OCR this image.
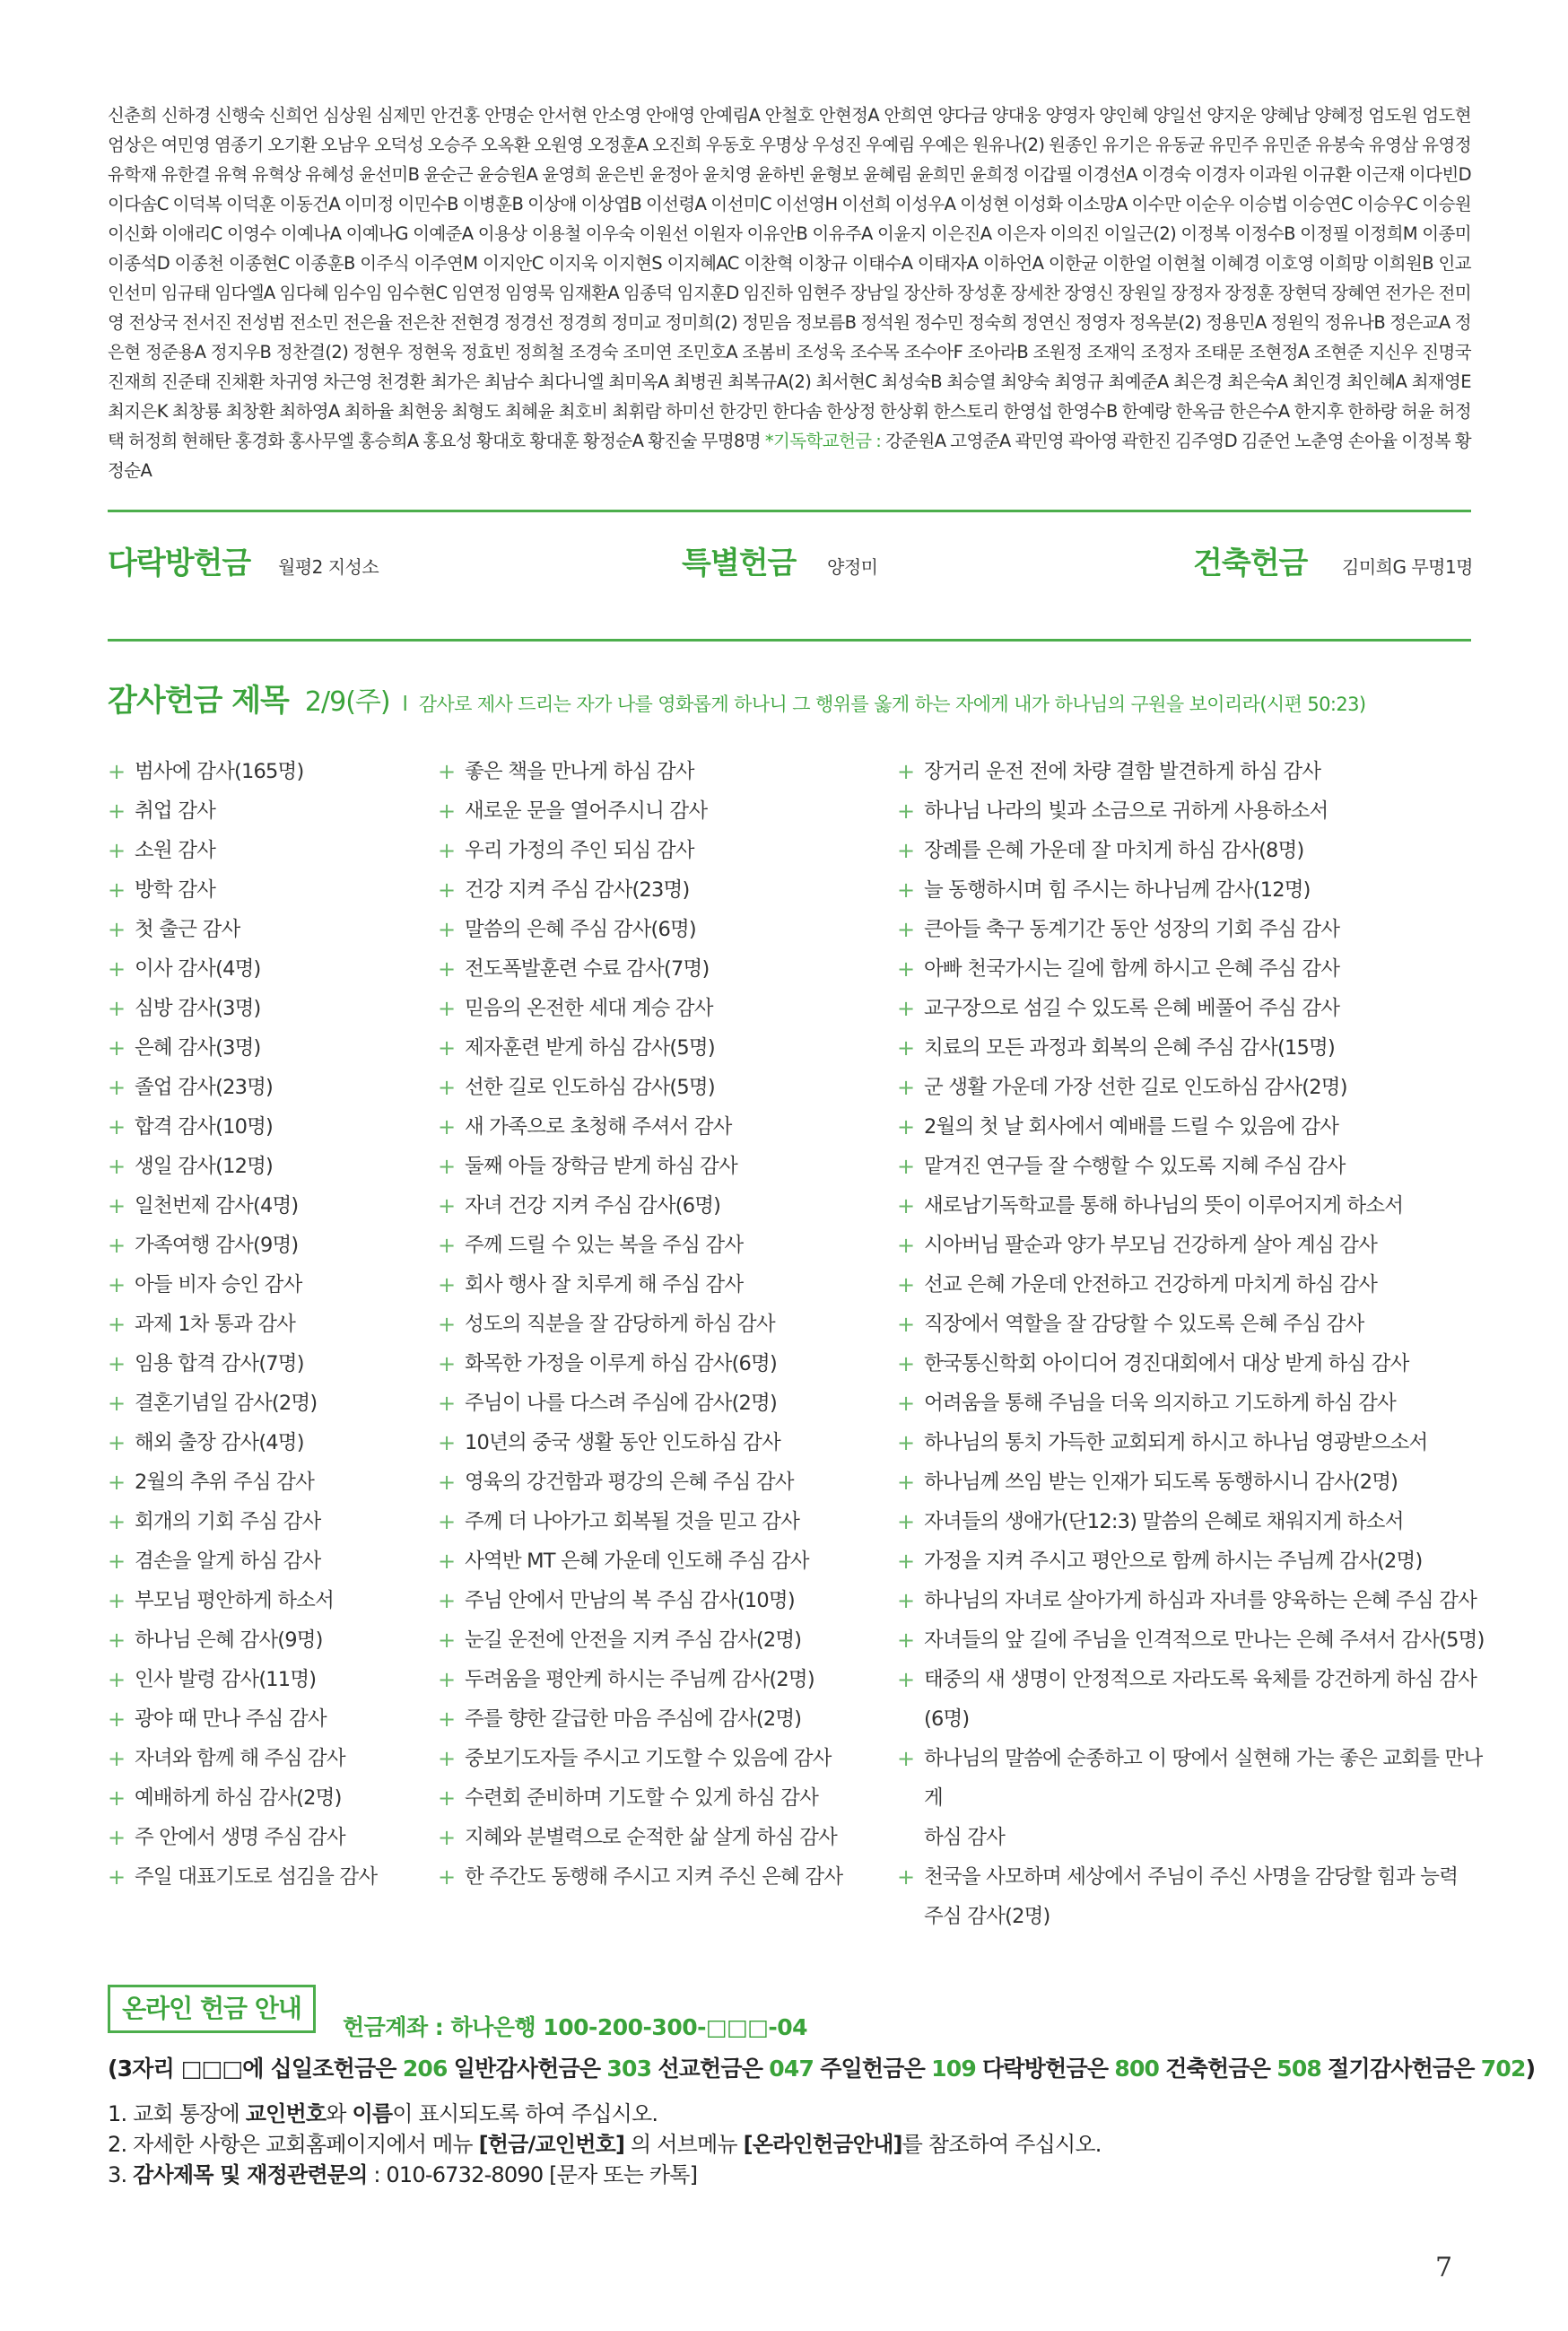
신춘희 신하경 신행숙 신희언 심상원 심제민 안건홍 안명순 안서현 안소영 안애영 안예림A 안철호 안현정A 안희연 양다금 양대웅 양영자 양인혜 양일선 양지운 양혜남 양혜정 엄도원 엄도현 엄상은 여민영 염종기 오기환 오남우 오덕성 오승주 오옥환 오원영 오정훈A 오진희 우동호 우명상 우성진 우예림 우예은 원유나(2) 원종인 유기은 유동균 유민주 유민준 유봉숙 유영삼 유영정 유학재 유한결 유혁 유혁상 유혜성 윤선미B 윤순근 윤승원A 윤영희 윤은빈 윤정아 윤치영 윤하빈 윤형보 윤혜림 윤희민 윤희정 이갑필 이경선A 이경숙 이경자 이과원 이규환 이근재 이다빈D 이다솜C 이덕복 이덕훈 이동건A 이미정 이민수B 이병훈B 이상애 이상엽B 이선령A 이선미C 이선영H 이선희 이성우A 이성현 이성화 이소망A 이수만 이순우 이승법 이승연C 이승우C 이승원 이신화 이애리C 이영수 이예나A 이예나G 이예준A 이용상 이용철 이우숙 이원선 이원자 이유안B 이유주A 이윤지 이은진A 이은자 이의진 이일근(2) 이정복 이정수B 이정필 이정희M 이종미 이종석D 이종천 이종현C 이종훈B 이주식 이주연M 이지안C 이지욱 이지현S 이지혜AC 이찬혁 이창규 이태수A 이태자A 이하언A 이한균 이한얼 이현철 이혜경 이호영 이희망 이희원B 인교 인선미 임규태 임다엘A 임다혜 임수임 임수현C 임연정 임영묵 임재환A 임종덕 임지훈D 임진하 임현주 장남일 장산하 장성훈 장세찬 장영신 장원일 장정자 장정훈 장현덕 장혜연 전가은 전미영 전상국 전서진 전성범 전소민 전은율 전은찬 전현경 정경선 정경희 정미교 정미희(2) 정믿음 정보름B 정석원 정수민 정숙희 정연신 정영자 정옥분(2) 정용민A 정원익 정유나B 정은교A 정은현 정준용A 정지우B 정찬결(2) 정현우 정현욱 정효빈 정희철 조경숙 조미연 조민호A 조봄비 조성욱 조수목 조수아F 조아라B 조원정 조재익 조정자 조태문 조현정A 조현준 지신우 진명국 진재희 진준태 진채환 차귀영 차근영 천경환 최가은 최남수 최다니엘 최미옥A 최병권 최복규A(2) 최서현C 최성숙B 최승열 최양숙 최영규 최예준A 최은경 최은숙A 최인경 최인혜A 최재영E 최지은K 최창룡 최창환 최하영A 최하율 최현웅 최형도 최혜윤 최호비 최휘람 하미선 한강민 한다솜 한상정 한상휘 한스토리 한영섭 한영수B 한예랑 한옥금 한은수A 한지후 한하랑 허윤 허정택 허정희 현해탄 홍경화 홍사무엘 홍승희A 홍요성 황대호 황대훈 황정순A 황진술 무명8명 *기독학교헌금 : 강준원A 고영준A 곽민영 곽아영 곽한진 김주영D 김준언 노춘영 손아율 이정복 황정순A
다락방헌금 월평2 지성소	특별헌금 양정미	건축헌금 김미희G 무명1명
감사헌금 제목 2/9(주) l 감사로 제사 드리는 자가 나를 영화롭게 하나니 그 행위를 옳게 하는 자에게 내가 하나님의 구원을 보이리라(시편 50:23)
+ 범사에 감사(165명)
+ 취업 감사
+ 소원 감사
+ 방학 감사
+ 첫 출근 감사
+ 이사 감사(4명)
+ 심방 감사(3명)
+ 은혜 감사(3명)
+ 졸업 감사(23명)
+ 합격 감사(10명)
+ 생일 감사(12명)
+ 일천번제 감사(4명)
+ 가족여행 감사(9명)
+ 아들 비자 승인 감사
+ 과제 1차 통과 감사
+ 임용 합격 감사(7명)
+ 결혼기념일 감사(2명)
+ 해외 출장 감사(4명)
+ 2월의 추위 주심 감사
+ 회개의 기회 주심 감사
+ 겸손을 알게 하심 감사
+ 부모님 평안하게 하소서
+ 하나님 은혜 감사(9명)
+ 인사 발령 감사(11명)
+ 광야 때 만나 주심 감사
+ 자녀와 함께 해 주심 감사
+ 예배하게 하심 감사(2명)
+ 주 안에서 생명 주심 감사
+ 주일 대표기도로 섬김을 감사
+ 좋은 책을 만나게 하심 감사
+ 새로운 문을 열어주시니 감사
+ 우리 가정의 주인 되심 감사
+ 건강 지켜 주심 감사(23명)
+ 말씀의 은혜 주심 감사(6명)
+ 전도폭발훈련 수료 감사(7명)
+ 믿음의 온전한 세대 계승 감사
+ 제자훈련 받게 하심 감사(5명)
+ 선한 길로 인도하심 감사(5명)
+ 새 가족으로 초청해 주셔서 감사
+ 둘째 아들 장학금 받게 하심 감사
+ 자녀 건강 지켜 주심 감사(6명)
+ 주께 드릴 수 있는 복을 주심 감사
+ 회사 행사 잘 치루게 해 주심 감사
+ 성도의 직분을 잘 감당하게 하심 감사
+ 화목한 가정을 이루게 하심 감사(6명)
+ 주님이 나를 다스려 주심에 감사(2명)
+ 10년의 중국 생활 동안 인도하심 감사
+ 영육의 강건함과 평강의 은혜 주심 감사
+ 주께 더 나아가고 회복될 것을 믿고 감사
+ 사역반 MT 은혜 가운데 인도해 주심 감사
+ 주님 안에서 만남의 복 주심 감사(10명)
+ 눈길 운전에 안전을 지켜 주심 감사(2명)
+ 두려움을 평안케 하시는 주님께 감사(2명)
+ 주를 향한 갈급한 마음 주심에 감사(2명)
+ 중보기도자들 주시고 기도할 수 있음에 감사
+ 수련회 준비하며 기도할 수 있게 하심 감사
+ 지혜와 분별력으로 순적한 삶 살게 하심 감사
+ 한 주간도 동행해 주시고 지켜 주신 은혜 감사
+ 장거리 운전 전에 차량 결함 발견하게 하심 감사
+ 하나님 나라의 빛과 소금으로 귀하게 사용하소서
+ 장례를 은혜 가운데 잘 마치게 하심 감사(8명)
+ 늘 동행하시며 힘 주시는 하나님께 감사(12명)
+ 큰아들 축구 동계기간 동안 성장의 기회 주심 감사
+ 아빠 천국가시는 길에 함께 하시고 은혜 주심 감사
+ 교구장으로 섬길 수 있도록 은혜 베풀어 주심 감사
+ 치료의 모든 과정과 회복의 은혜 주심 감사(15명)
+ 군 생활 가운데 가장 선한 길로 인도하심 감사(2명)
+ 2월의 첫 날 회사에서 예배를 드릴 수 있음에 감사
+ 맡겨진 연구들 잘 수행할 수 있도록 지혜 주심 감사
+ 새로남기독학교를 통해 하나님의 뜻이 이루어지게 하소서
+ 시아버님 팔순과 양가 부모님 건강하게 살아 계심 감사
+ 선교 은혜 가운데 안전하고 건강하게 마치게 하심 감사
+ 직장에서 역할을 잘 감당할 수 있도록 은혜 주심 감사
+ 한국통신학회 아이디어 경진대회에서 대상 받게 하심 감사
+ 어려움을 통해 주님을 더욱 의지하고 기도하게 하심 감사
+ 하나님의 통치 가득한 교회되게 하시고 하나님 영광받으소서
+ 하나님께 쓰임 받는 인재가 되도록 동행하시니 감사(2명)
+ 자녀들의 생애가(단12:3) 말씀의 은혜로 채워지게 하소서
+ 가정을 지켜 주시고 평안으로 함께 하시는 주님께 감사(2명)
+ 하나님의 자녀로 살아가게 하심과 자녀를 양육하는 은혜 주심 감사
+ 자녀들의 앞 길에 주님을 인격적으로 만나는 은혜 주셔서 감사(5명)
+ 태중의 새 생명이 안정적으로 자라도록 육체를 강건하게 하심 감사(6명)
+ 하나님의 말씀에 순종하고 이 땅에서 실현해 가는 좋은 교회를 만나게
하심 감사
+ 천국을 사모하며 세상에서 주님이 주신 사명을 감당할 힘과 능력
주심 감사(2명)
온라인 헌금 안내
헌금계좌 : 하나은행 100-200-300-□□□-04
(3자리 □□□에 십일조헌금은 206 일반감사헌금은 303 선교헌금은 047 주일헌금은 109 다락방헌금은 800 건축헌금은 508 절기감사헌금은 702)
1. 교회 통장에 교인번호와 이름이 표시되도록 하여 주십시오.
2. 자세한 사항은 교회홈페이지에서 메뉴 [헌금/교인번호] 의 서브메뉴 [온라인헌금안내]를 참조하여 주십시오.
3. 감사제목 및 재정관련문의 : 010-6732-8090 [문자 또는 카톡]
7
